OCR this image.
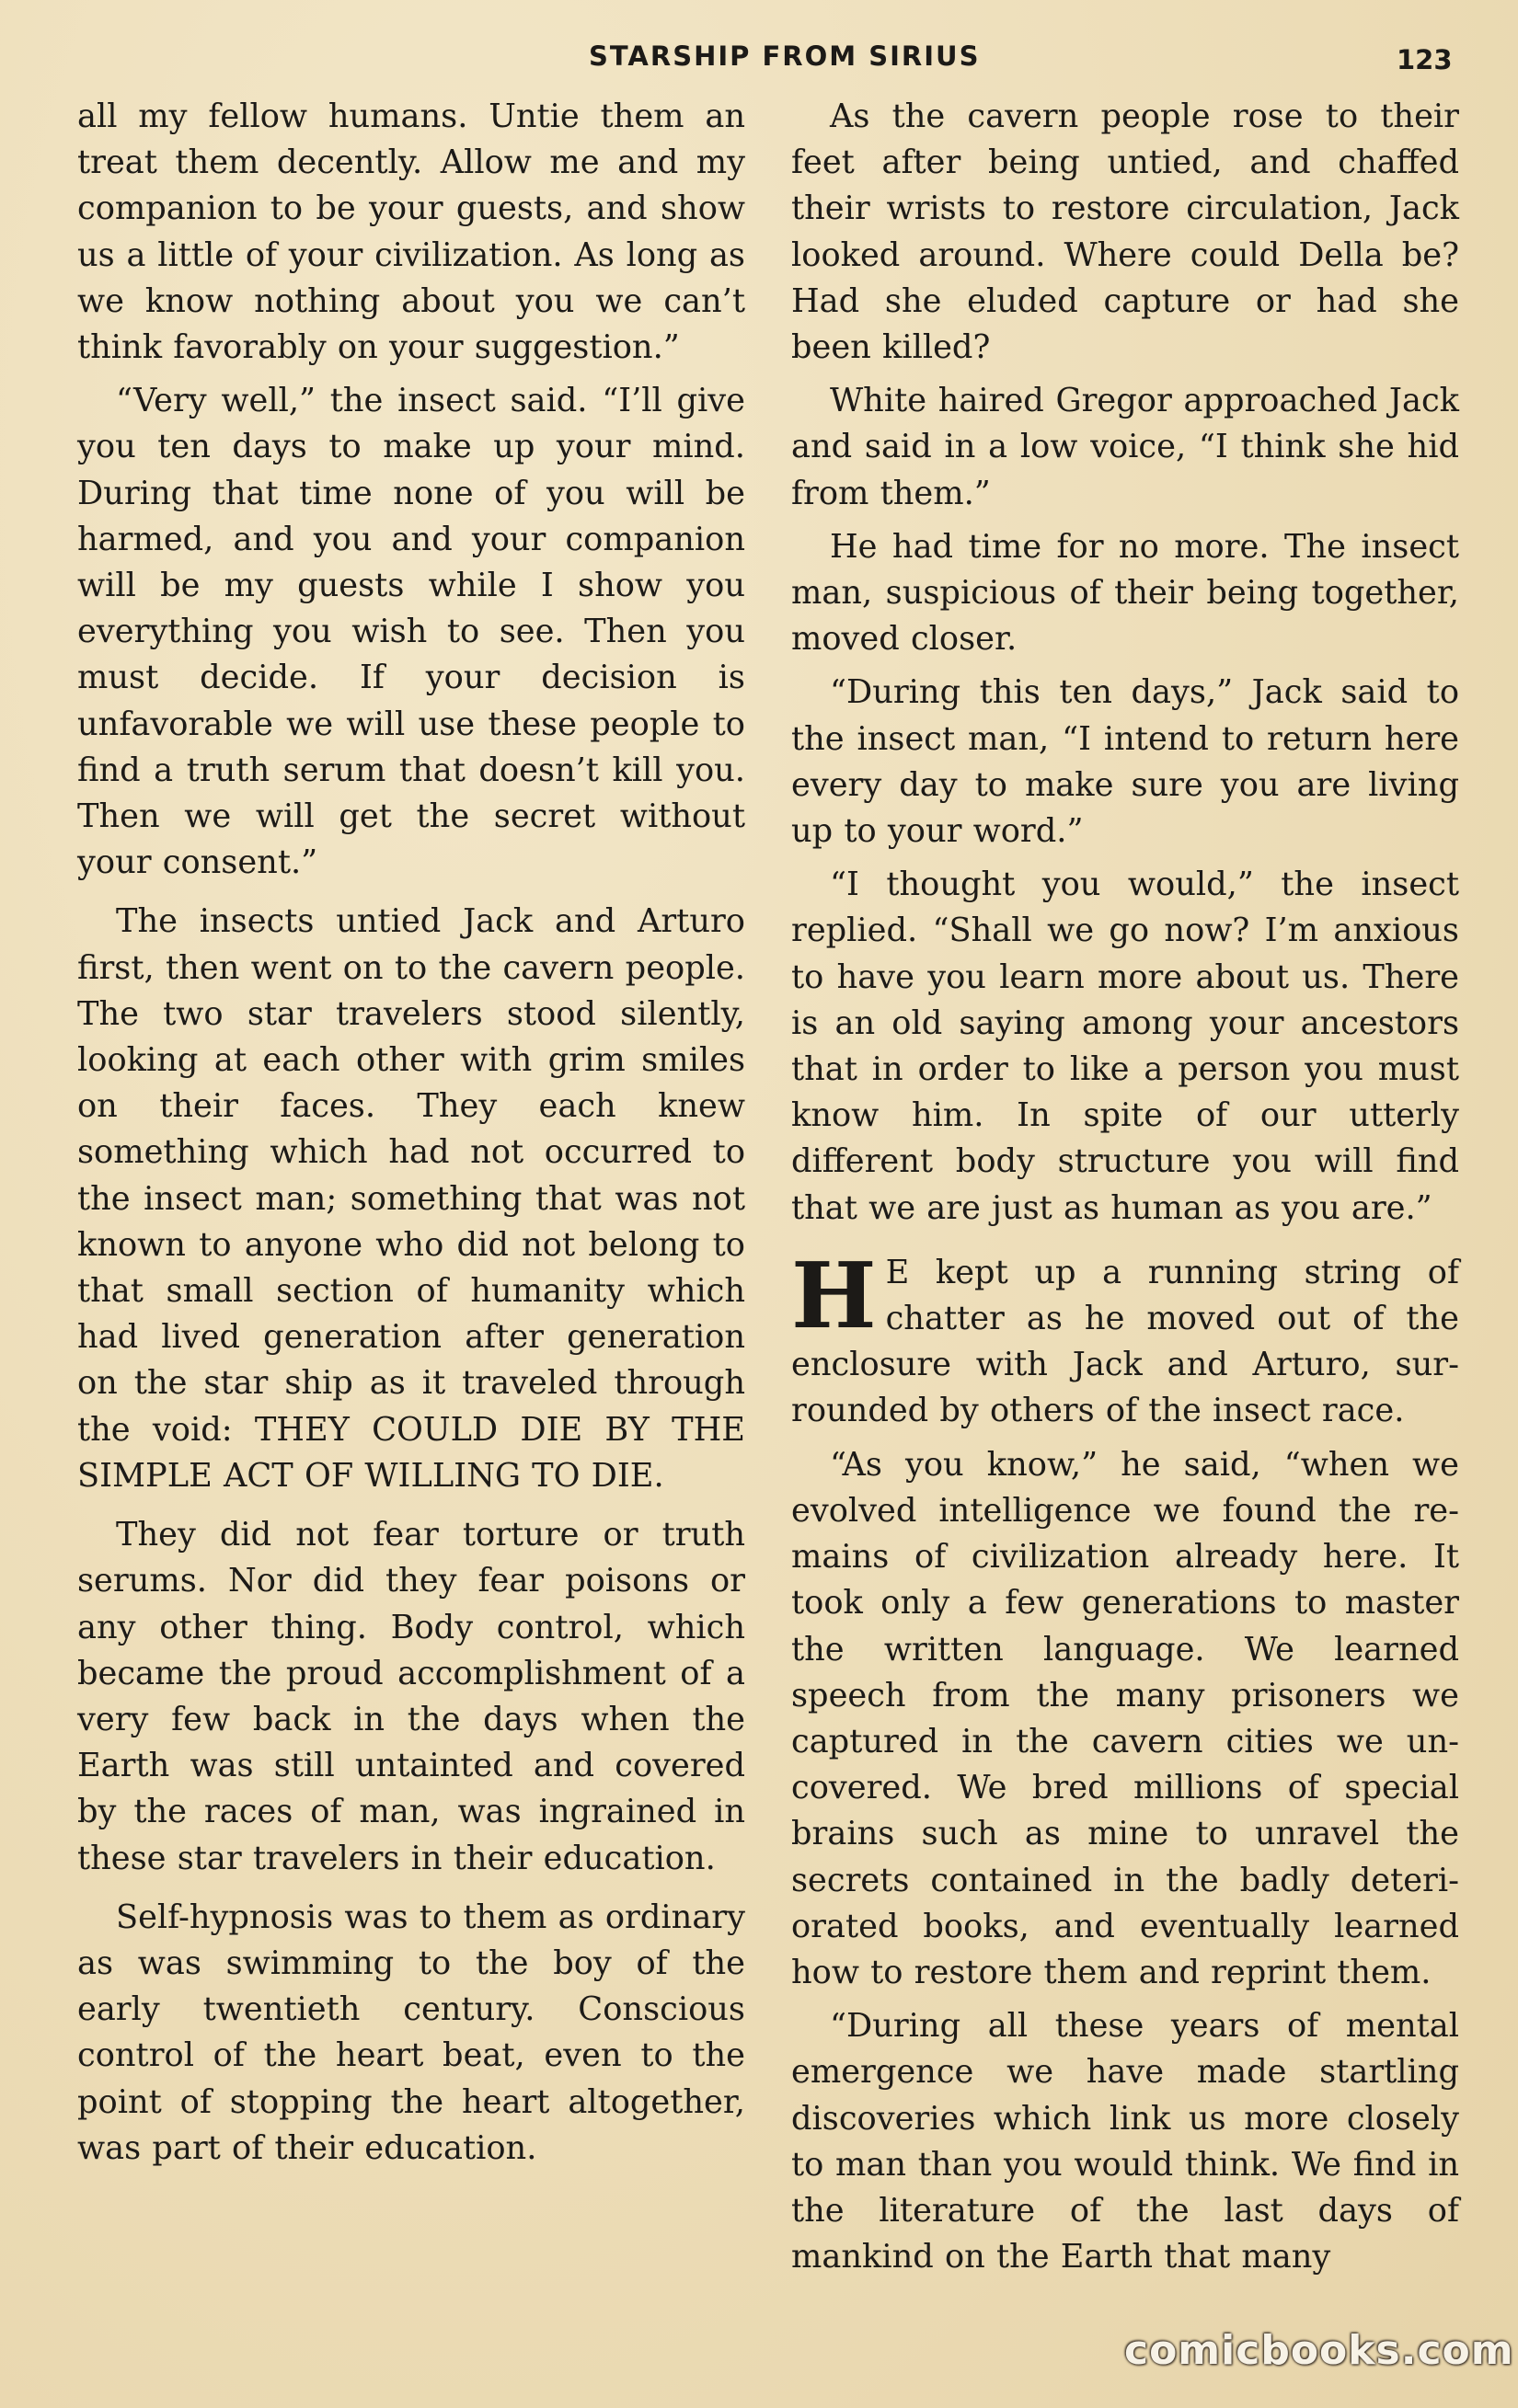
STARSHIP FROM SIRIUS	123

all my fellow humans. Untie them an treat them decently. Allow me and my companion to be your guests, and show us a little of your civilization. As long as we know nothing about you we can’t think favorably on your suggestion.”

“Very well,” the insect said. “I’ll give you ten days to make up your mind. During that time none of you will be harmed, and you and your companion will be my guests while I show you everything you wish to see. Then you must decide. If your decision is unfavorable we will use these people to find a truth serum that doesn’t kill you. Then we will get the secret without your consent.”

The insects untied Jack and Arturo first, then went on to the cavern people. The two star travelers stood silently, looking at each other with grim smiles on their faces. They each knew something which had not occurred to the insect man; something that was not known to anyone who did not belong to that small section of humanity which had lived generation after generation on the star ship as it traveled through the void: THEY COULD DIE BY THE SIMPLE ACT OF WILLING TO DIE.

They did not fear torture or truth serums. Nor did they fear poisons or any other thing. Body control, which became the proud accomplishment of a very few back in the days when the Earth was still untainted and covered by the races of man, was ingrained in these star travelers in their education.

Self-hypnosis was to them as ordinary as was swimming to the boy of the early twentieth century. Conscious control of the heart beat, even to the point of stopping the heart altogether, was part of their education.

As the cavern people rose to their feet after being untied, and chaffed their wrists to restore circulation, Jack looked around. Where could Della be? Had she eluded capture or had she been killed?

White haired Gregor approached Jack and said in a low voice, “I think she hid from them.”

He had time for no more. The insect man, suspicious of their being together, moved closer.

“During this ten days,” Jack said to the insect man, “I intend to return here every day to make sure you are living up to your word.”

“I thought you would,” the insect replied. “Shall we go now? I’m anxious to have you learn more about us. There is an old saying among your ancestors that in order to like a person you must know him. In spite of our utterly different body structure you will find that we are just as human as you are.”

H E kept up a running string of chatter as he moved out of the enclosure with Jack and Arturo, surrounded by others of the insect race.

“As you know,” he said, “when we evolved intelligence we found the remains of civilization already here. It took only a few generations to master the written language. We learned speech from the many prisoners we captured in the cavern cities we uncovered. We bred millions of special brains such as mine to unravel the secrets contained in the badly deteriorated books, and eventually learned how to restore them and reprint them.

“During all these years of mental emergence we have made startling discoveries which link us more closely to man than you would think. We find in the literature of the last days of mankind on the Earth that many

comicbooks.com
